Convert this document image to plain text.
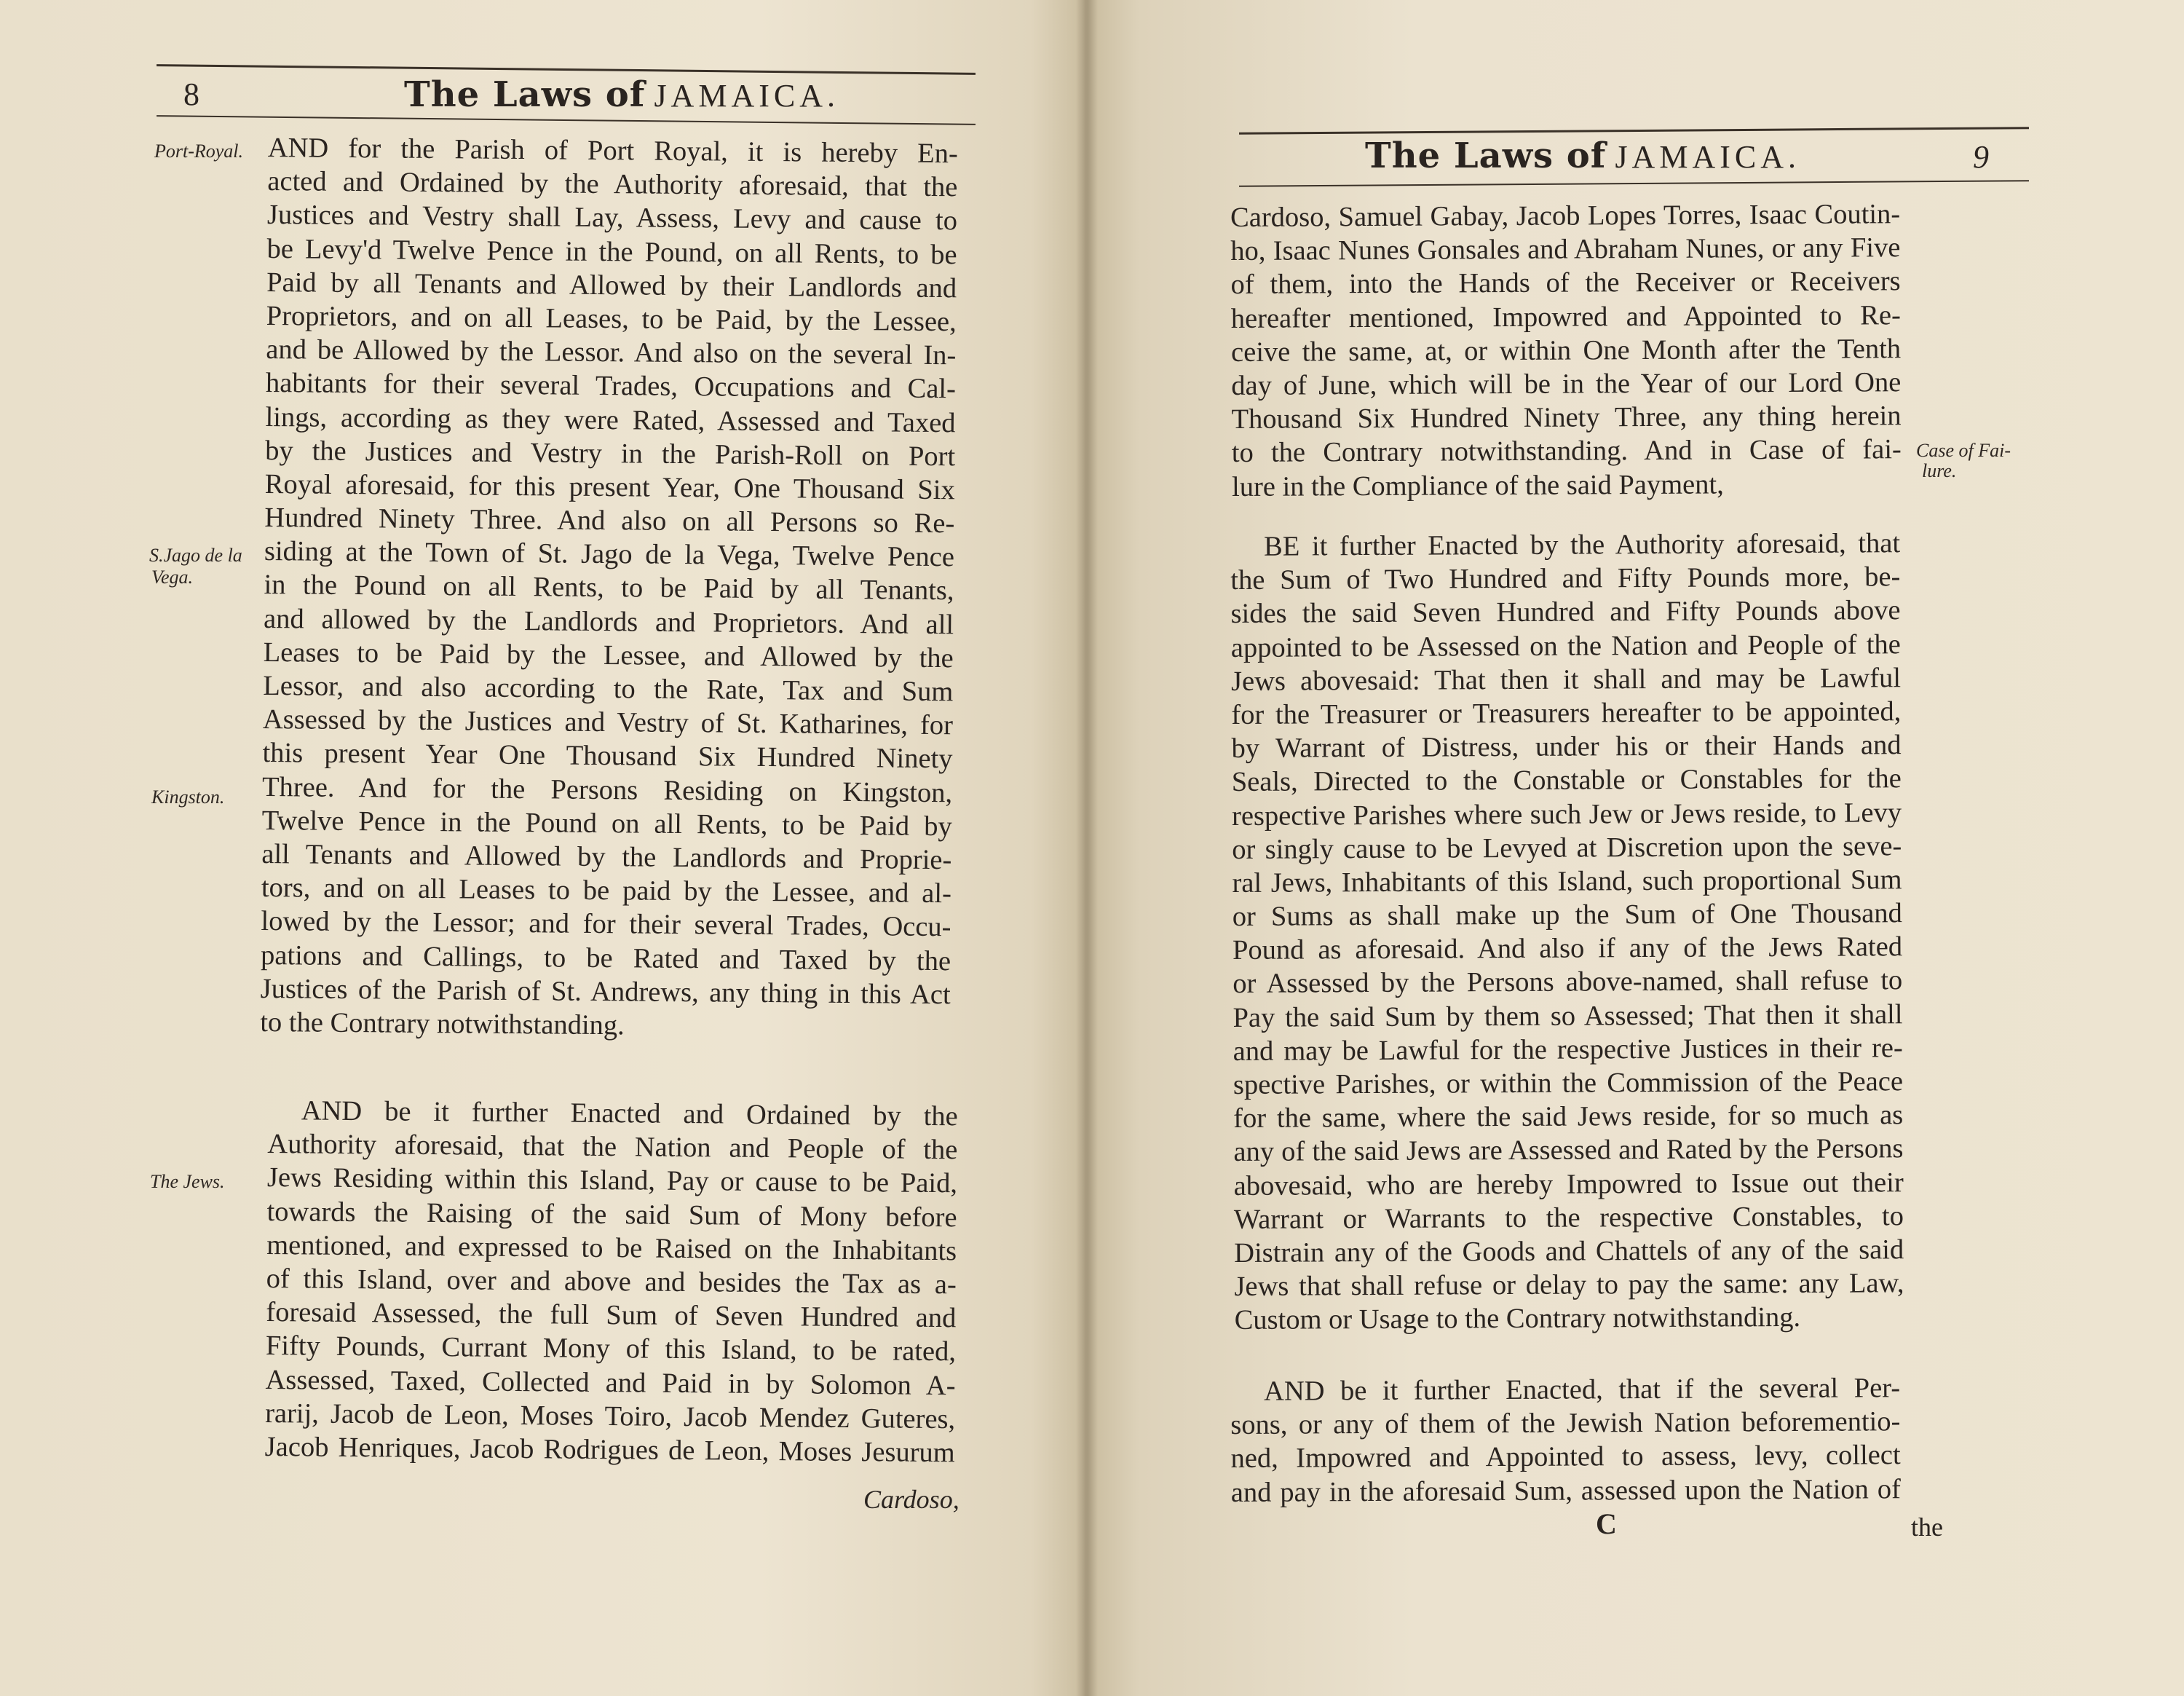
8	The Laws of JAMAICA.
Port-Royal.
S.Jago de la
Vega.
Kingston.
The Jews.
AND for the Parish of Port Royal, it is hereby En-
acted and Ordained by the Authority aforesaid, that the
Justices and Vestry shall Lay, Assess, Levy and cause to
be Levy'd Twelve Pence in the Pound, on all Rents, to be
Paid by all Tenants and Allowed by their Landlords and
Proprietors, and on all Leases, to be Paid, by the Lessee,
and be Allowed by the Lessor. And also on the several In-
habitants for their several Trades, Occupations and Cal-
lings, according as they were Rated, Assessed and Taxed
by the Justices and Vestry in the Parish-Roll on Port
Royal aforesaid, for this present Year, One Thousand Six
Hundred Ninety Three. And also on all Persons so Re-
siding at the Town of St. Jago de la Vega, Twelve Pence
in the Pound on all Rents, to be Paid by all Tenants,
and allowed by the Landlords and Proprietors. And all
Leases to be Paid by the Lessee, and Allowed by the
Lessor, and also according to the Rate, Tax and Sum
Assessed by the Justices and Vestry of St. Katharines, for
this present Year One Thousand Six Hundred Ninety
Three. And for the Persons Residing on Kingston,
Twelve Pence in the Pound on all Rents, to be Paid by
all Tenants and Allowed by the Landlords and Proprie-
tors, and on all Leases to be paid by the Lessee, and al-
lowed by the Lessor; and for their several Trades, Occu-
pations and Callings, to be Rated and Taxed by the
Justices of the Parish of St. Andrews, any thing in this Act
to the Contrary notwithstanding.
AND be it further Enacted and Ordained by the
Authority aforesaid, that the Nation and People of the
Jews Residing within this Island, Pay or cause to be Paid,
towards the Raising of the said Sum of Mony before
mentioned, and expressed to be Raised on the Inhabitants
of this Island, over and above and besides the Tax as a-
foresaid Assessed, the full Sum of Seven Hundred and
Fifty Pounds, Currant Mony of this Island, to be rated,
Assessed, Taxed, Collected and Paid in by Solomon A-
rarij, Jacob de Leon, Moses Toiro, Jacob Mendez Guteres,
Jacob Henriques, Jacob Rodrigues de Leon, Moses Jesurum
Cardoso,
The Laws of JAMAICA.	9
Case of Fai-
lure.
Cardoso, Samuel Gabay, Jacob Lopes Torres, Isaac Coutin-
ho, Isaac Nunes Gonsales and Abraham Nunes, or any Five
of them, into the Hands of the Receiver or Receivers
hereafter mentioned, Impowred and Appointed to Re-
ceive the same, at, or within One Month after the Tenth
day of June, which will be in the Year of our Lord One
Thousand Six Hundred Ninety Three, any thing herein
to the Contrary notwithstanding. And in Case of fai-
lure in the Compliance of the said Payment,
BE it further Enacted by the Authority aforesaid, that
the Sum of Two Hundred and Fifty Pounds more, be-
sides the said Seven Hundred and Fifty Pounds above
appointed to be Assessed on the Nation and People of the
Jews abovesaid: That then it shall and may be Lawful
for the Treasurer or Treasurers hereafter to be appointed,
by Warrant of Distress, under his or their Hands and
Seals, Directed to the Constable or Constables for the
respective Parishes where such Jew or Jews reside, to Levy
or singly cause to be Levyed at Discretion upon the seve-
ral Jews, Inhabitants of this Island, such proportional Sum
or Sums as shall make up the Sum of One Thousand
Pound as aforesaid. And also if any of the Jews Rated
or Assessed by the Persons above-named, shall refuse to
Pay the said Sum by them so Assessed; That then it shall
and may be Lawful for the respective Justices in their re-
spective Parishes, or within the Commission of the Peace
for the same, where the said Jews reside, for so much as
any of the said Jews are Assessed and Rated by the Persons
abovesaid, who are hereby Impowred to Issue out their
Warrant or Warrants to the respective Constables, to
Distrain any of the Goods and Chattels of any of the said
Jews that shall refuse or delay to pay the same: any Law,
Custom or Usage to the Contrary notwithstanding.
AND be it further Enacted, that if the several Per-
sons, or any of them of the Jewish Nation beforementio-
ned, Impowred and Appointed to assess, levy, collect
and pay in the aforesaid Sum, assessed upon the Nation of
C	the
